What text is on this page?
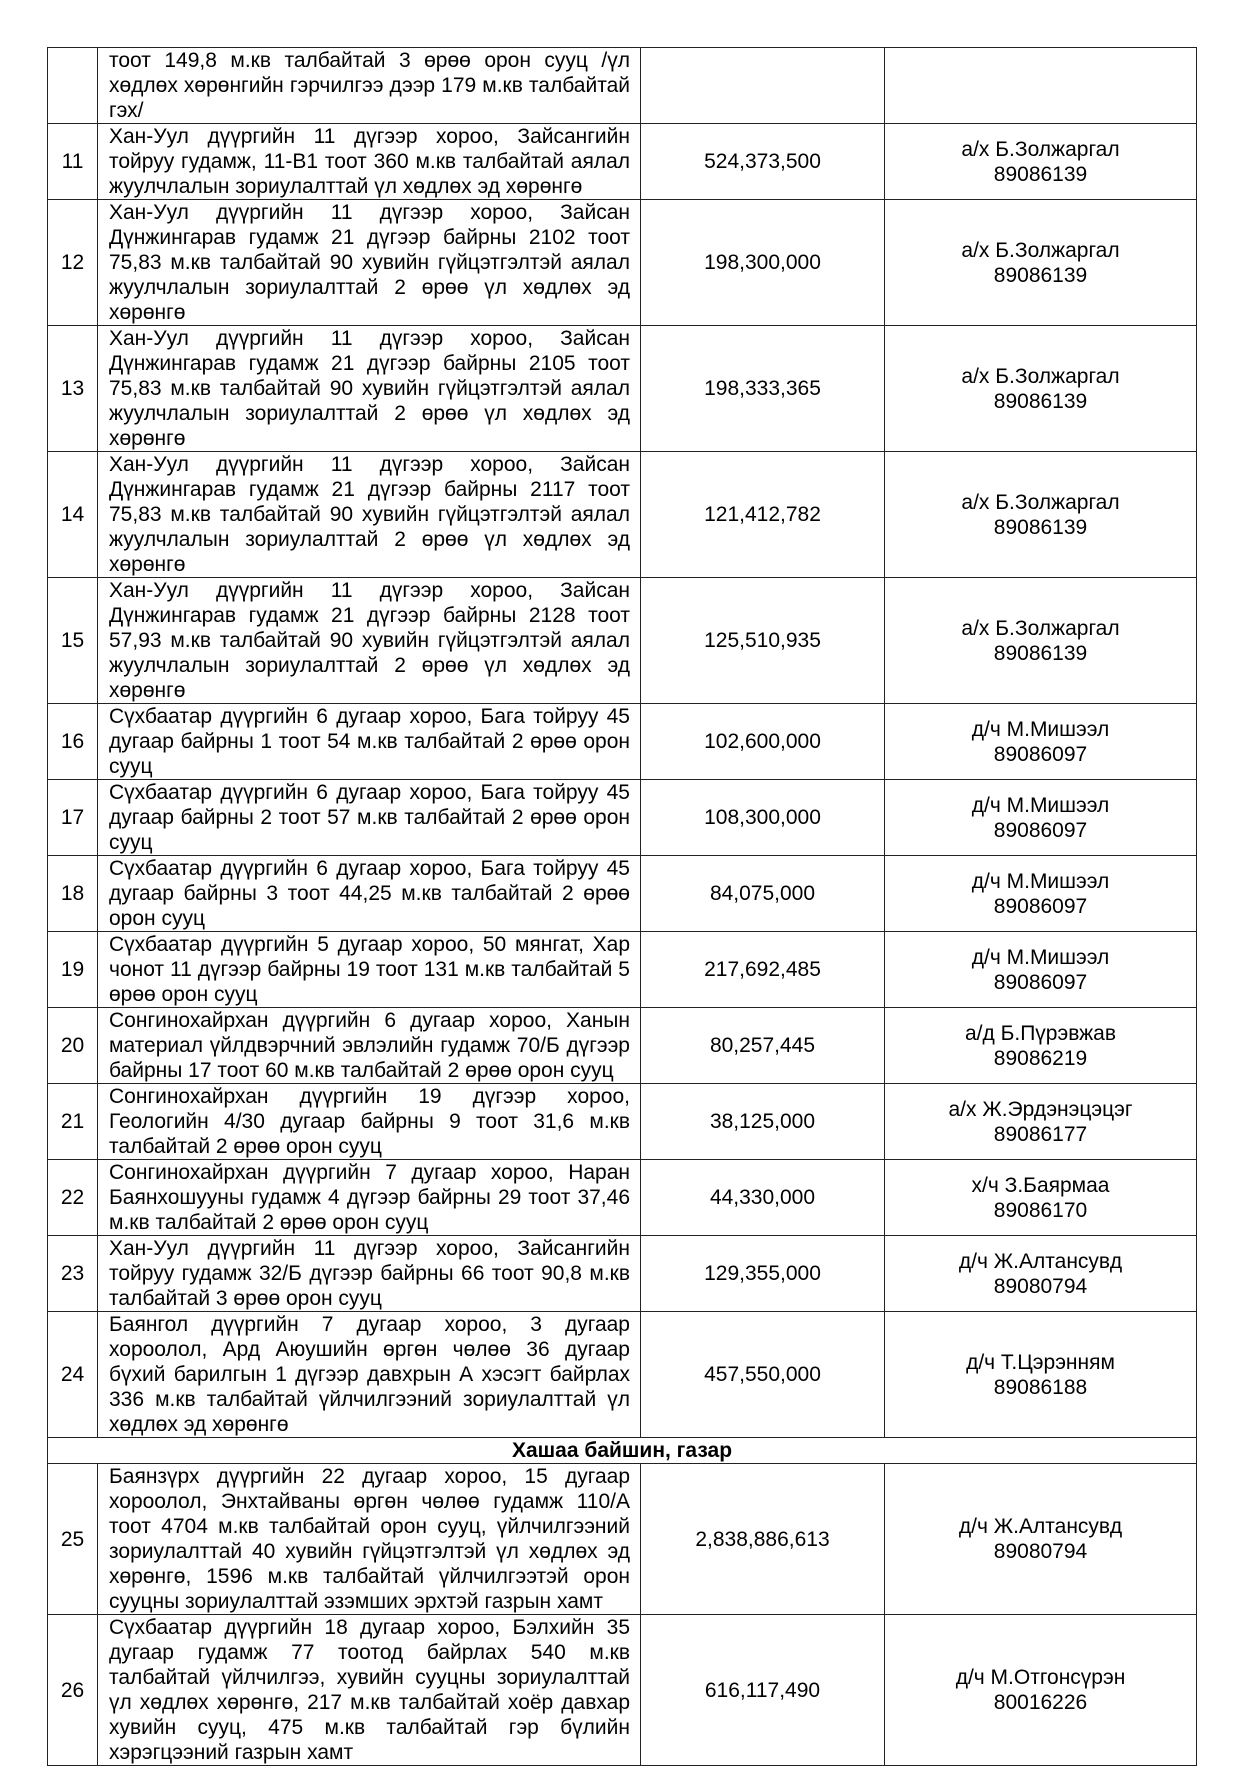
	тоот 149,8 м.кв талбайтай 3 өрөө орон сууц /үл хөдлөх хөрөнгийн гэрчилгээ дээр 179 м.кв талбайтай гэх/		

11	Хан-Уул дүүргийн 11 дүгээр хороо, Зайсангийн тойруу гудамж, 11-В1 тоот 360 м.кв талбайтай аялал жуулчлалын зориулалттай үл хөдлөх эд хөрөнгө	524,373,500	а/х Б.Золжаргал
89086139

12	Хан-Уул дүүргийн 11 дүгээр хороо, Зайсан Дүнжингарав гудамж 21 дүгээр байрны 2102 тоот 75,83 м.кв талбайтай 90 хувийн гүйцэтгэлтэй аялал жуулчлалын зориулалттай 2 өрөө үл хөдлөх эд хөрөнгө	198,300,000	а/х Б.Золжаргал
89086139

13	Хан-Уул дүүргийн 11 дүгээр хороо, Зайсан Дүнжингарав гудамж 21 дүгээр байрны 2105 тоот 75,83 м.кв талбайтай 90 хувийн гүйцэтгэлтэй аялал жуулчлалын зориулалттай 2 өрөө үл хөдлөх эд хөрөнгө	198,333,365	а/х Б.Золжаргал
89086139

14	Хан-Уул дүүргийн 11 дүгээр хороо, Зайсан Дүнжингарав гудамж 21 дүгээр байрны 2117 тоот 75,83 м.кв талбайтай 90 хувийн гүйцэтгэлтэй аялал жуулчлалын зориулалттай 2 өрөө үл хөдлөх эд хөрөнгө	121,412,782	а/х Б.Золжаргал
89086139

15	Хан-Уул дүүргийн 11 дүгээр хороо, Зайсан Дүнжингарав гудамж 21 дүгээр байрны 2128 тоот 57,93 м.кв талбайтай 90 хувийн гүйцэтгэлтэй аялал жуулчлалын зориулалттай 2 өрөө үл хөдлөх эд хөрөнгө	125,510,935	а/х Б.Золжаргал
89086139

16	Сүхбаатар дүүргийн 6 дугаар хороо, Бага тойруу 45 дугаар байрны 1 тоот 54 м.кв талбайтай 2 өрөө орон сууц	102,600,000	д/ч М.Мишээл
89086097

17	Сүхбаатар дүүргийн 6 дугаар хороо, Бага тойруу 45 дугаар байрны 2 тоот 57 м.кв талбайтай 2 өрөө орон сууц	108,300,000	д/ч М.Мишээл
89086097

18	Сүхбаатар дүүргийн 6 дугаар хороо, Бага тойруу 45 дугаар байрны 3 тоот 44,25 м.кв талбайтай 2 өрөө орон сууц	84,075,000	д/ч М.Мишээл
89086097

19	Сүхбаатар дүүргийн 5 дугаар хороо, 50 мянгат, Хар чонот 11 дүгээр байрны 19 тоот 131 м.кв талбайтай 5 өрөө орон сууц	217,692,485	д/ч М.Мишээл
89086097

20	Сонгинохайрхан дүүргийн 6 дугаар хороо, Ханын материал үйлдвэрчний эвлэлийн гудамж 70/Б дүгээр байрны 17 тоот 60 м.кв талбайтай 2 өрөө орон сууц	80,257,445	а/д Б.Пүрэвжав
89086219

21	Сонгинохайрхан дүүргийн 19 дүгээр хороо, Геологийн 4/30 дугаар байрны 9 тоот 31,6 м.кв талбайтай 2 өрөө орон сууц	38,125,000	а/х Ж.Эрдэнэцэцэг
89086177

22	Сонгинохайрхан дүүргийн 7 дугаар хороо, Наран Баянхошууны гудамж 4 дүгээр байрны 29 тоот 37,46 м.кв талбайтай 2 өрөө орон сууц	44,330,000	х/ч З.Баярмаа
89086170

23	Хан-Уул дүүргийн 11 дүгээр хороо, Зайсангийн тойруу гудамж 32/Б дүгээр байрны 66 тоот 90,8 м.кв талбайтай 3 өрөө орон сууц	129,355,000	д/ч Ж.Алтансувд
89080794

24	Баянгол дүүргийн 7 дугаар хороо, 3 дугаар хороолол, Ард Аюушийн өргөн чөлөө 36 дугаар бүхий барилгын 1 дүгээр давхрын А хэсэгт байрлах 336 м.кв талбайтай үйлчилгээний зориулалттай үл хөдлөх эд хөрөнгө	457,550,000	д/ч Т.Цэрэнням
89086188

Хашаа байшин, газар			
25	Баянзүрх дүүргийн 22 дугаар хороо, 15 дугаар хороолол, Энхтайваны өргөн чөлөө гудамж 110/А тоот 4704 м.кв талбайтай орон сууц, үйлчилгээний зориулалттай 40 хувийн гүйцэтгэлтэй үл хөдлөх эд хөрөнгө, 1596 м.кв талбайтай үйлчилгээтэй орон сууцны зориулалттай эзэмших эрхтэй газрын хамт	2,838,886,613	д/ч Ж.Алтансувд
89080794

26	Сүхбаатар дүүргийн 18 дугаар хороо, Бэлхийн 35 дугаар гудамж 77 тоотод байрлах 540 м.кв талбайтай үйлчилгээ, хувийн сууцны зориулалттай үл хөдлөх хөрөнгө, 217 м.кв талбайтай хоёр давхар хувийн сууц, 475 м.кв талбайтай гэр бүлийн хэрэгцээний газрын хамт	616,117,490	д/ч М.Отгонсүрэн
80016226
